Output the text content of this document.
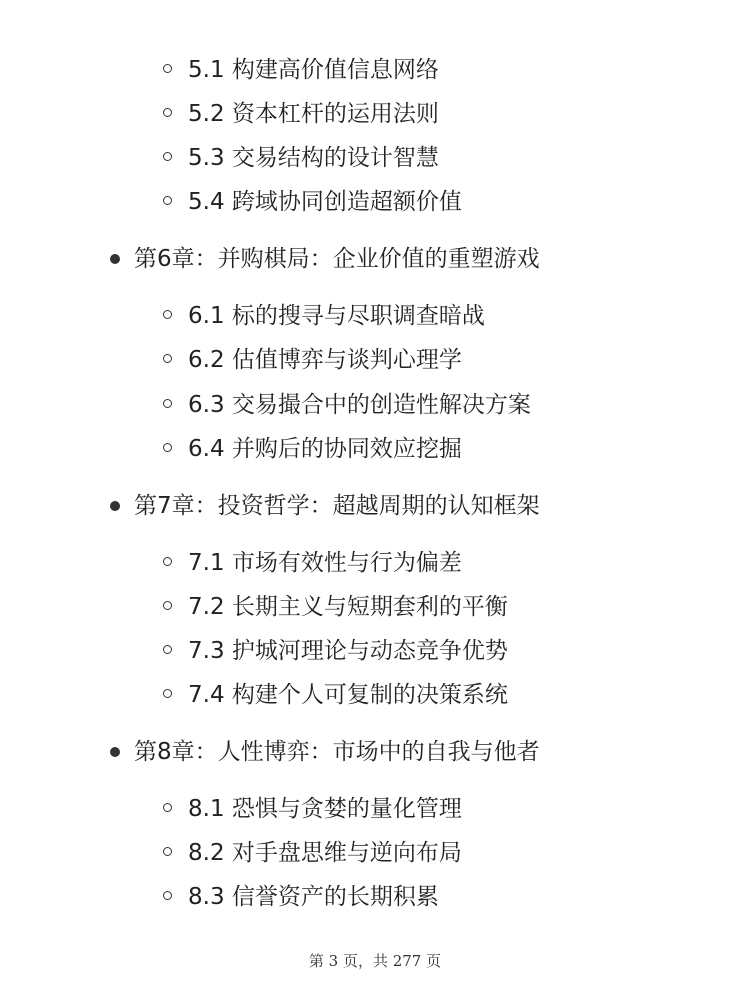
5.1 构建高价值信息网络
5.2 资本杠杆的运用法则
5.3 交易结构的设计智慧
5.4 跨域协同创造超额价值
第6章：并购棋局：企业价值的重塑游戏
6.1 标的搜寻与尽职调查暗战
6.2 估值博弈与谈判心理学
6.3 交易撮合中的创造性解决方案
6.4 并购后的协同效应挖掘
第7章：投资哲学：超越周期的认知框架
7.1 市场有效性与行为偏差
7.2 长期主义与短期套利的平衡
7.3 护城河理论与动态竞争优势
7.4 构建个人可复制的决策系统
第8章：人性博弈：市场中的自我与他者
8.1 恐惧与贪婪的量化管理
8.2 对手盘思维与逆向布局
8.3 信誉资产的长期积累
第 3 页，共 277 页
